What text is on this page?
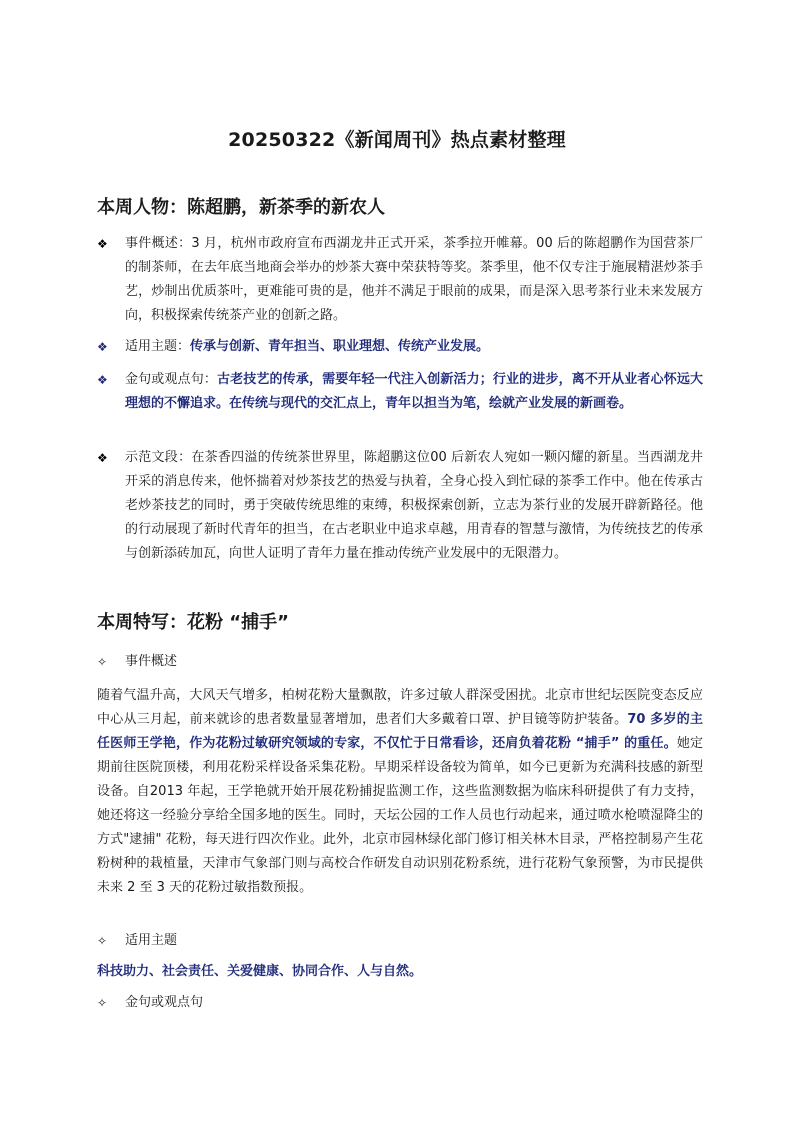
20250322《新闻周刊》热点素材整理
本周人物：陈超鹏，新茶季的新农人
❖	事件概述：3 月，杭州市政府宣布西湖龙井正式开采，茶季拉开帷幕。00 后的陈超鹏作为国营茶厂的制茶师，在去年底当地商会举办的炒茶大赛中荣获特等奖。茶季里，他不仅专注于施展精湛炒茶手艺，炒制出优质茶叶，更难能可贵的是，他并不满足于眼前的成果，而是深入思考茶行业未来发展方向，积极探索传统茶产业的创新之路。
❖	适用主题：传承与创新、青年担当、职业理想、传统产业发展。
❖	金句或观点句：古老技艺的传承，需要年轻一代注入创新活力；行业的进步，离不开从业者心怀远大理想的不懈追求。在传统与现代的交汇点上，青年以担当为笔，绘就产业发展的新画卷。
❖	示范文段：在茶香四溢的传统茶世界里，陈超鹏这位00 后新农人宛如一颗闪耀的新星。当西湖龙井开采的消息传来，他怀揣着对炒茶技艺的热爱与执着，全身心投入到忙碌的茶季工作中。他在传承古老炒茶技艺的同时，勇于突破传统思维的束缚，积极探索创新，立志为茶行业的发展开辟新路径。他的行动展现了新时代青年的担当，在古老职业中追求卓越，用青春的智慧与激情，为传统技艺的传承与创新添砖加瓦，向世人证明了青年力量在推动传统产业发展中的无限潜力。
本周特写：花粉 “捕手”
✧ 事件概述
随着气温升高，大风天气增多，柏树花粉大量飘散，许多过敏人群深受困扰。北京市世纪坛医院变态反应中心从三月起，前来就诊的患者数量显著增加，患者们大多戴着口罩、护目镜等防护装备。70 多岁的主任医师王学艳，作为花粉过敏研究领域的专家，不仅忙于日常看诊，还肩负着花粉 “捕手” 的重任。她定期前往医院顶楼，利用花粉采样设备采集花粉。早期采样设备较为简单，如今已更新为充满科技感的新型设备。自2013 年起，王学艳就开始开展花粉捕捉监测工作，这些监测数据为临床科研提供了有力支持，她还将这一经验分享给全国多地的医生。同时，天坛公园的工作人员也行动起来，通过喷水枪喷湿降尘的方式"逮捕" 花粉，每天进行四次作业。此外，北京市园林绿化部门修订相关林木目录，严格控制易产生花粉树种的栽植量，天津市气象部门则与高校合作研发自动识别花粉系统，进行花粉气象预警，为市民提供未来 2 至 3 天的花粉过敏指数预报。
✧ 适用主题
科技助力、社会责任、关爱健康、协同合作、人与自然。
✧ 金句或观点句
